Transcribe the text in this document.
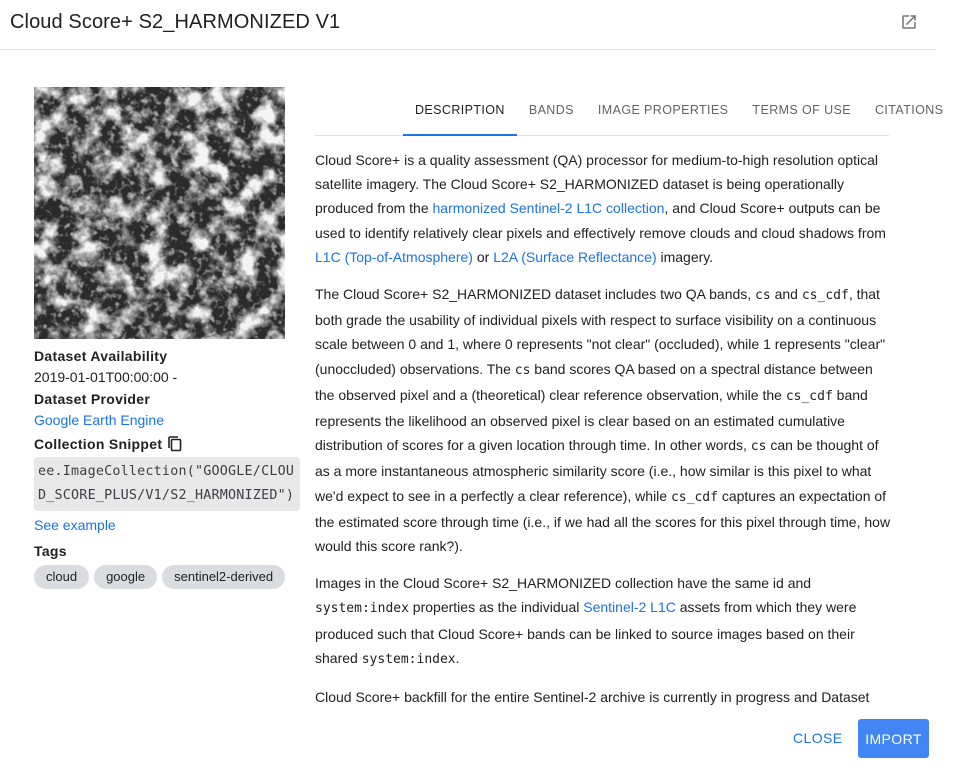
Cloud Score+ S2_HARMONIZED V1
Dataset Availability
2019-01-01T00:00:00 -
Dataset Provider
Google Earth Engine
Collection Snippet
ee.ImageCollection("GOOGLE/CLOUD_SCORE_PLUS/V1/S2_HARMONIZED")
See example
Tags
cloud	google	sentinel2-derived
DESCRIPTION	BANDS	IMAGE PROPERTIES	TERMS OF USE	CITATIONS

Cloud Score+ is a quality assessment (QA) processor for medium-to-high resolution optical satellite imagery. The Cloud Score+ S2_HARMONIZED dataset is being operationally produced from the harmonized Sentinel-2 L1C collection, and Cloud Score+ outputs can be used to identify relatively clear pixels and effectively remove clouds and cloud shadows from L1C (Top-of-Atmosphere) or L2A (Surface Reflectance) imagery.

The Cloud Score+ S2_HARMONIZED dataset includes two QA bands, cs and cs_cdf, that both grade the usability of individual pixels with respect to surface visibility on a continuous scale between 0 and 1, where 0 represents "not clear" (occluded), while 1 represents "clear" (unoccluded) observations. The cs band scores QA based on a spectral distance between the observed pixel and a (theoretical) clear reference observation, while the cs_cdf band represents the likelihood an observed pixel is clear based on an estimated cumulative distribution of scores for a given location through time. In other words, cs can be thought of as a more instantaneous atmospheric similarity score (i.e., how similar is this pixel to what we'd expect to see in a perfectly a clear reference), while cs_cdf captures an expectation of the estimated score through time (i.e., if we had all the scores for this pixel through time, how would this score rank?).

Images in the Cloud Score+ S2_HARMONIZED collection have the same id and system:index properties as the individual Sentinel-2 L1C assets from which they were produced such that Cloud Score+ bands can be linked to source images based on their shared system:index.

Cloud Score+ backfill for the entire Sentinel-2 archive is currently in progress and Dataset

CLOSE	IMPORT
